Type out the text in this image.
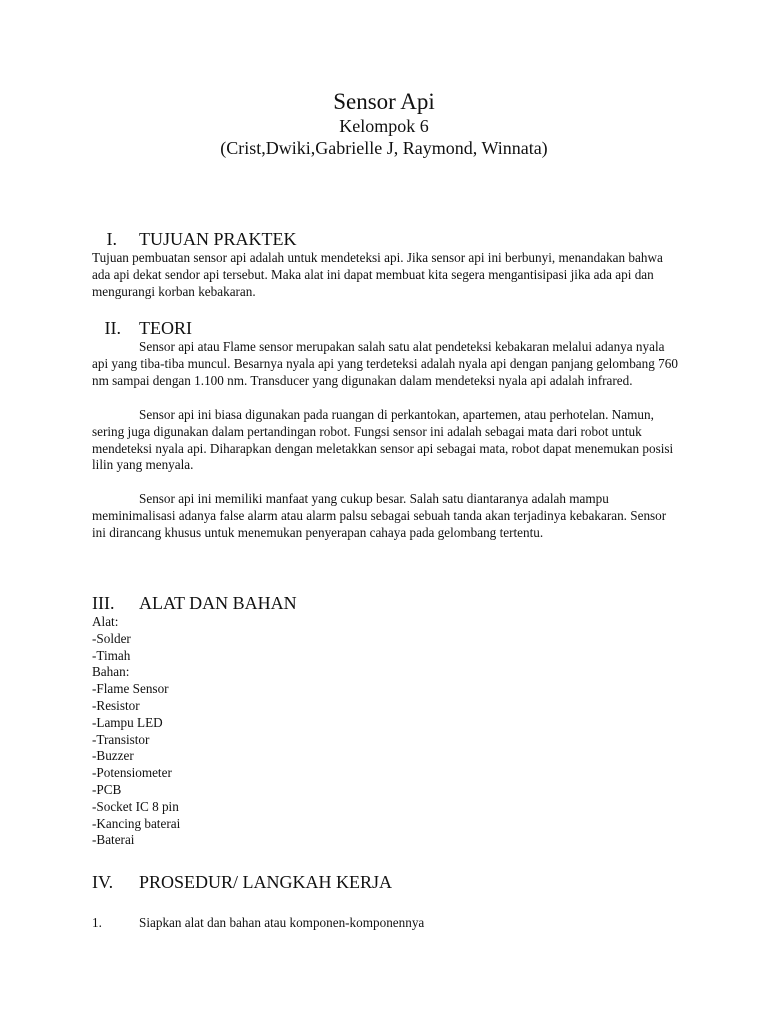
Sensor Api
Kelompok 6
(Crist,Dwiki,Gabrielle J, Raymond, Winnata)
I. TUJUAN PRAKTEK

Tujuan pembuatan sensor api adalah untuk mendeteksi api. Jika sensor api ini berbunyi, menandakan bahwa ada api dekat sendor api tersebut. Maka alat ini dapat membuat kita segera mengantisipasi jika ada api dan mengurangi korban kebakaran.

II. TEORI

Sensor api atau Flame sensor merupakan salah satu alat pendeteksi kebakaran melalui adanya nyala api yang tiba-tiba muncul. Besarnya nyala api yang terdeteksi adalah nyala api dengan panjang gelombang 760 nm sampai dengan 1.100 nm. Transducer yang digunakan dalam mendeteksi nyala api adalah infrared.

Sensor api ini biasa digunakan pada ruangan di perkantokan, apartemen, atau perhotelan. Namun, sering juga digunakan dalam pertandingan robot. Fungsi sensor ini adalah sebagai mata dari robot untuk mendeteksi nyala api. Diharapkan dengan meletakkan sensor api sebagai mata, robot dapat menemukan posisi lilin yang menyala.

Sensor api ini memiliki manfaat yang cukup besar. Salah satu diantaranya adalah mampu meminimalisasi adanya false alarm atau alarm palsu sebagai sebuah tanda akan terjadinya kebakaran. Sensor ini dirancang khusus untuk menemukan penyerapan cahaya pada gelombang tertentu.

III.	ALAT DAN BAHAN
Alat:
-Solder
-Timah
Bahan:
-Flame Sensor
-Resistor
-Lampu LED
-Transistor
-Buzzer
-Potensiometer
-PCB
-Socket IC 8 pin
-Kancing baterai
-Baterai
IV.	PROSEDUR/ LANGKAH KERJA
1.	Siapkan alat dan bahan atau komponen-komponennya
